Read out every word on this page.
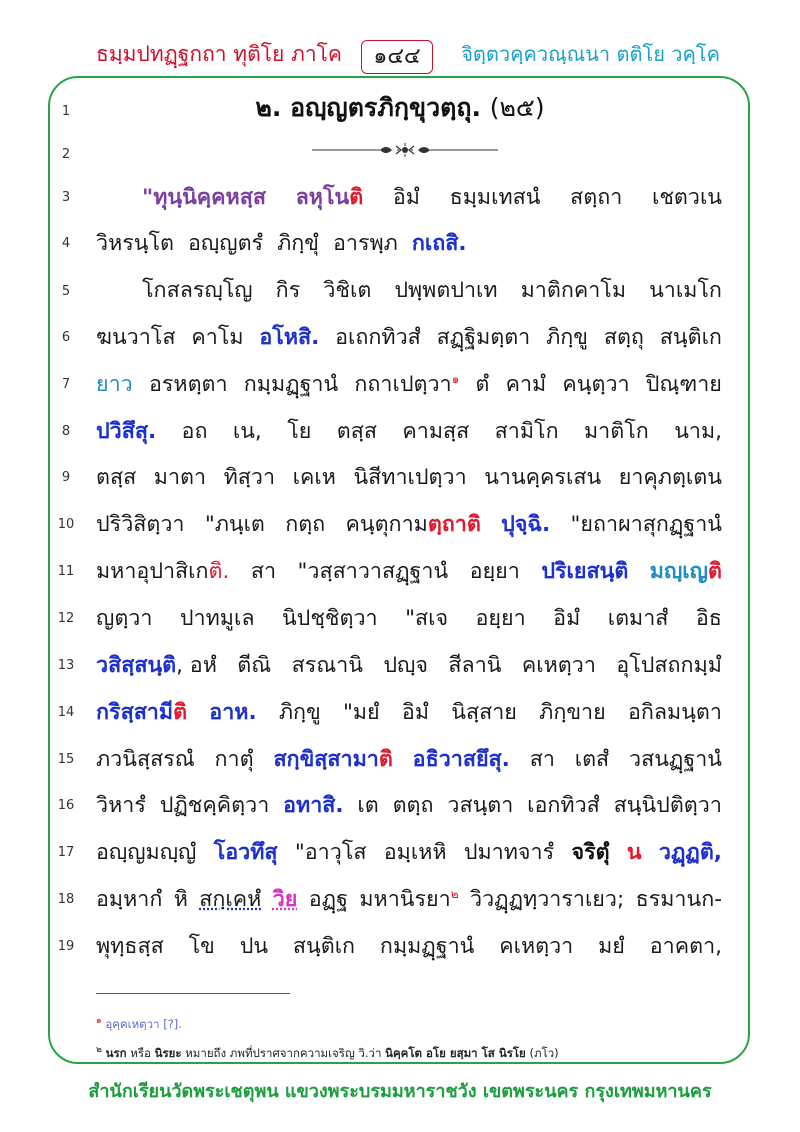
ธมฺมปทฏฺฐกถา ทุติโย ภาโค	๑๔๔	จิตฺตวคฺควณฺณนา ตติโย วคฺโค
1
2
3
4
5
6
7
8
9
10
11
12
13
14
15
16
17
18
19
๒. อญฺญตรภิกฺขุวตฺถุ. (๒๕)
"ทุนฺนิคฺคหสฺส ลหุโนติ อิมํ ธมฺมเทสนํ สตฺถา เชตวเน
วิหรนฺโต อญฺญตรํ ภิกฺขุํ อารพฺภ กเถสิ.
โกสลรญฺโญ กิร วิชิเต ปพฺพตปาเท มาติกคาโม นาเมโก
ฆนวาโส คาโม อโหสิ. อเถกทิวสํ สฏฺฐิมตฺตา ภิกฺขู สตฺถุ สนฺติเก
ยาว อรหตฺตา กมฺมฏฺฐานํ กถาเปตฺวา$^๑$ ตํ คามํ คนฺตฺวา ปิณฺฑาย
ปวิสึสุ. อถ เน, โย ตสฺส คามสฺส สามิโก มาติโก นาม,
ตสฺส มาตา ทิสฺวา เคเห นิสีทาเปตฺวา นานคฺครเสน ยาคุภตฺเตน
ปริวิสิตฺวา "ภนฺเต กตฺถ คนฺตุกามตฺถาติ ปุจฺฉิ. "ยถาผาสุกฏฺฐานํ
มหาอุปาสิเกติ. สา "วสฺสาวาสฏฺฐานํ อยฺยา ปริเยสนฺติ มญฺเญติ
ญตฺวา ปาทมูเล นิปชฺชิตฺวา "สเจ อยฺยา อิมํ เตมาสํ อิธ
วสิสฺสนฺติ, อหํ ตีณิ สรณานิ ปญฺจ สีลานิ คเหตฺวา อุโปสถกมฺมํ
กริสฺสามีติ อาห. ภิกฺขู "มยํ อิมํ นิสฺสาย ภิกฺขาย อกิลมนฺตา
ภวนิสฺสรณํ กาตุํ สกฺขิสฺสามาติ อธิวาสยึสุ. สา เตสํ วสนฏฺฐานํ
วิหารํ ปฏิชคฺคิตฺวา อทาสิ. เต ตตฺถ วสนฺตา เอกทิวสํ สนฺนิปติตฺวา
อญฺญมญฺญํ โอวทึสุ "อาวุโส อมฺเหหิ ปมาทจารํ จริตุํ น วฏฺฏติ,
อมฺหากํ หิ สกฺเคหํ วิย อฏฺฐ มหานิรยา$^๒$ วิวฏฺฏทฺวาราเยว; ธรมานก-
พุทฺธสฺส โข ปน สนฺติเก กมฺมฏฺฐานํ คเหตฺวา มยํ อาคตา,
$^๑$ อุคฺคเหตฺวา [?].
$^๒$ นรก หรือ นิรยะ หมายถึง ภพที่ปราศจากความเจริญ วิ.ว่า นิคฺคโต อโย ยสฺมา โส นิรโย (ภโว)
สำนักเรียนวัดพระเชตุพน แขวงพระบรมมหาราชวัง เขตพระนคร กรุงเทพมหานคร
